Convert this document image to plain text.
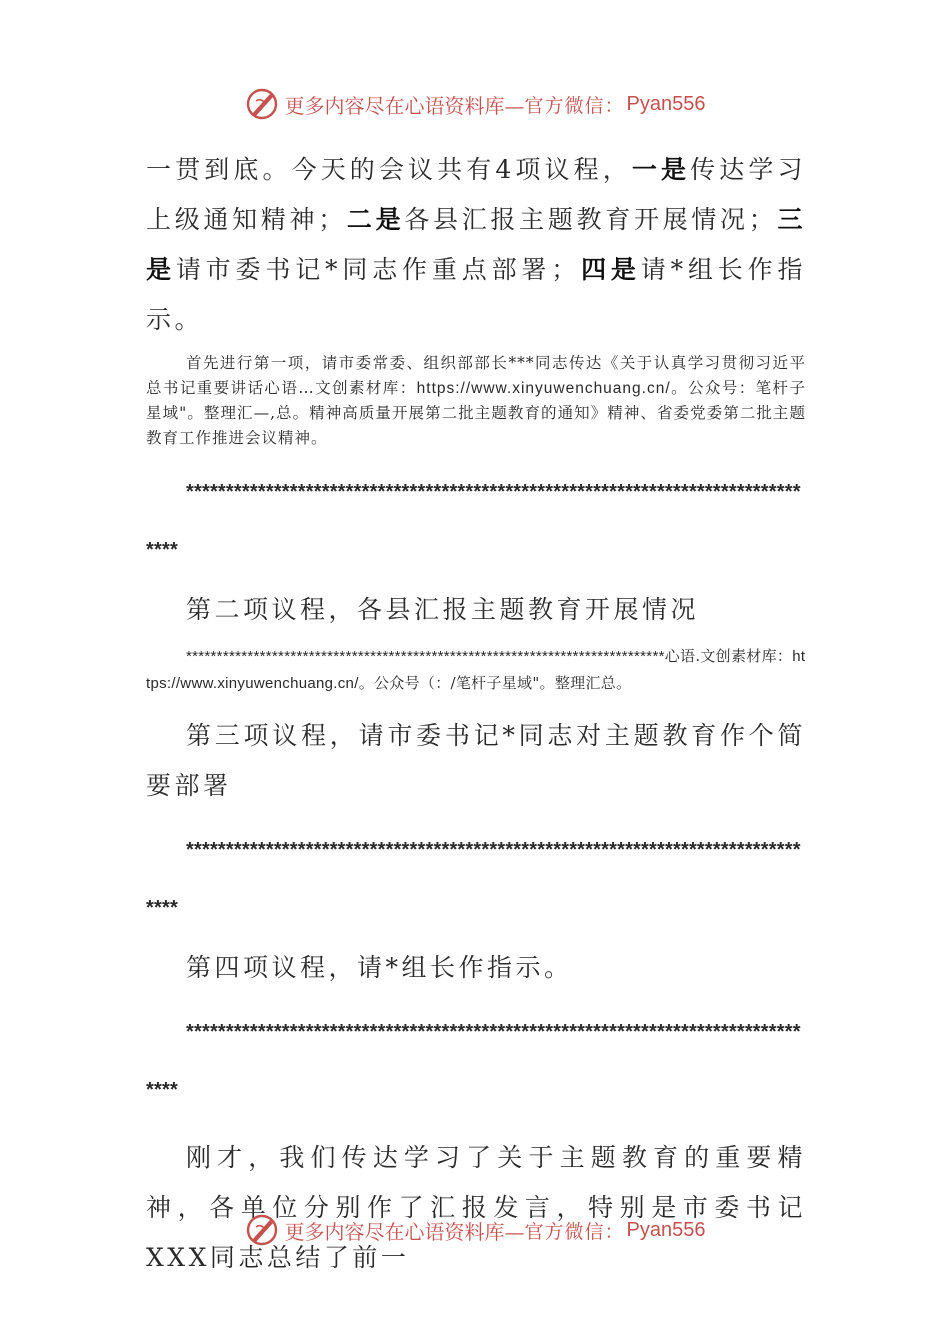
更多内容尽在心语资料库— 官方微信： Pyan556

一贯到底。今天的会议共有4项议程，一是传达学习上级通知精神；二是各县汇报主题教育开展情况；三是请市委书记*同志作重点部署；四是请*组长作指示。

首先进行第一项，请市委常委、组织部部长***同志传达《关于认真学习贯彻习近平总书记重要讲话心语…文创素材库：https://www.xinyuwenchuang.cn/。公众号：笔杆子星域"。整理汇—,总。精神高质量开展第二批主题教育的通知》精神、省委党委第二批主题教育工作推进会议精神。

*********************************************************************************

第二项议程，各县汇报主题教育开展情况

******************************************************************************心语.文创素材库：https://www.xinyuwenchuang.cn/。公众号（：/笔杆子星域"。整理汇总。

第三项议程，请市委书记*同志对主题教育作个简要部署

*********************************************************************************

第四项议程，请*组长作指示。

*********************************************************************************

刚才，我们传达学习了关于主题教育的重要精神，各单位分别作了汇报发言，特别是市委书记XXX同志总结了前一

更多内容尽在心语资料库— 官方微信： Pyan556
